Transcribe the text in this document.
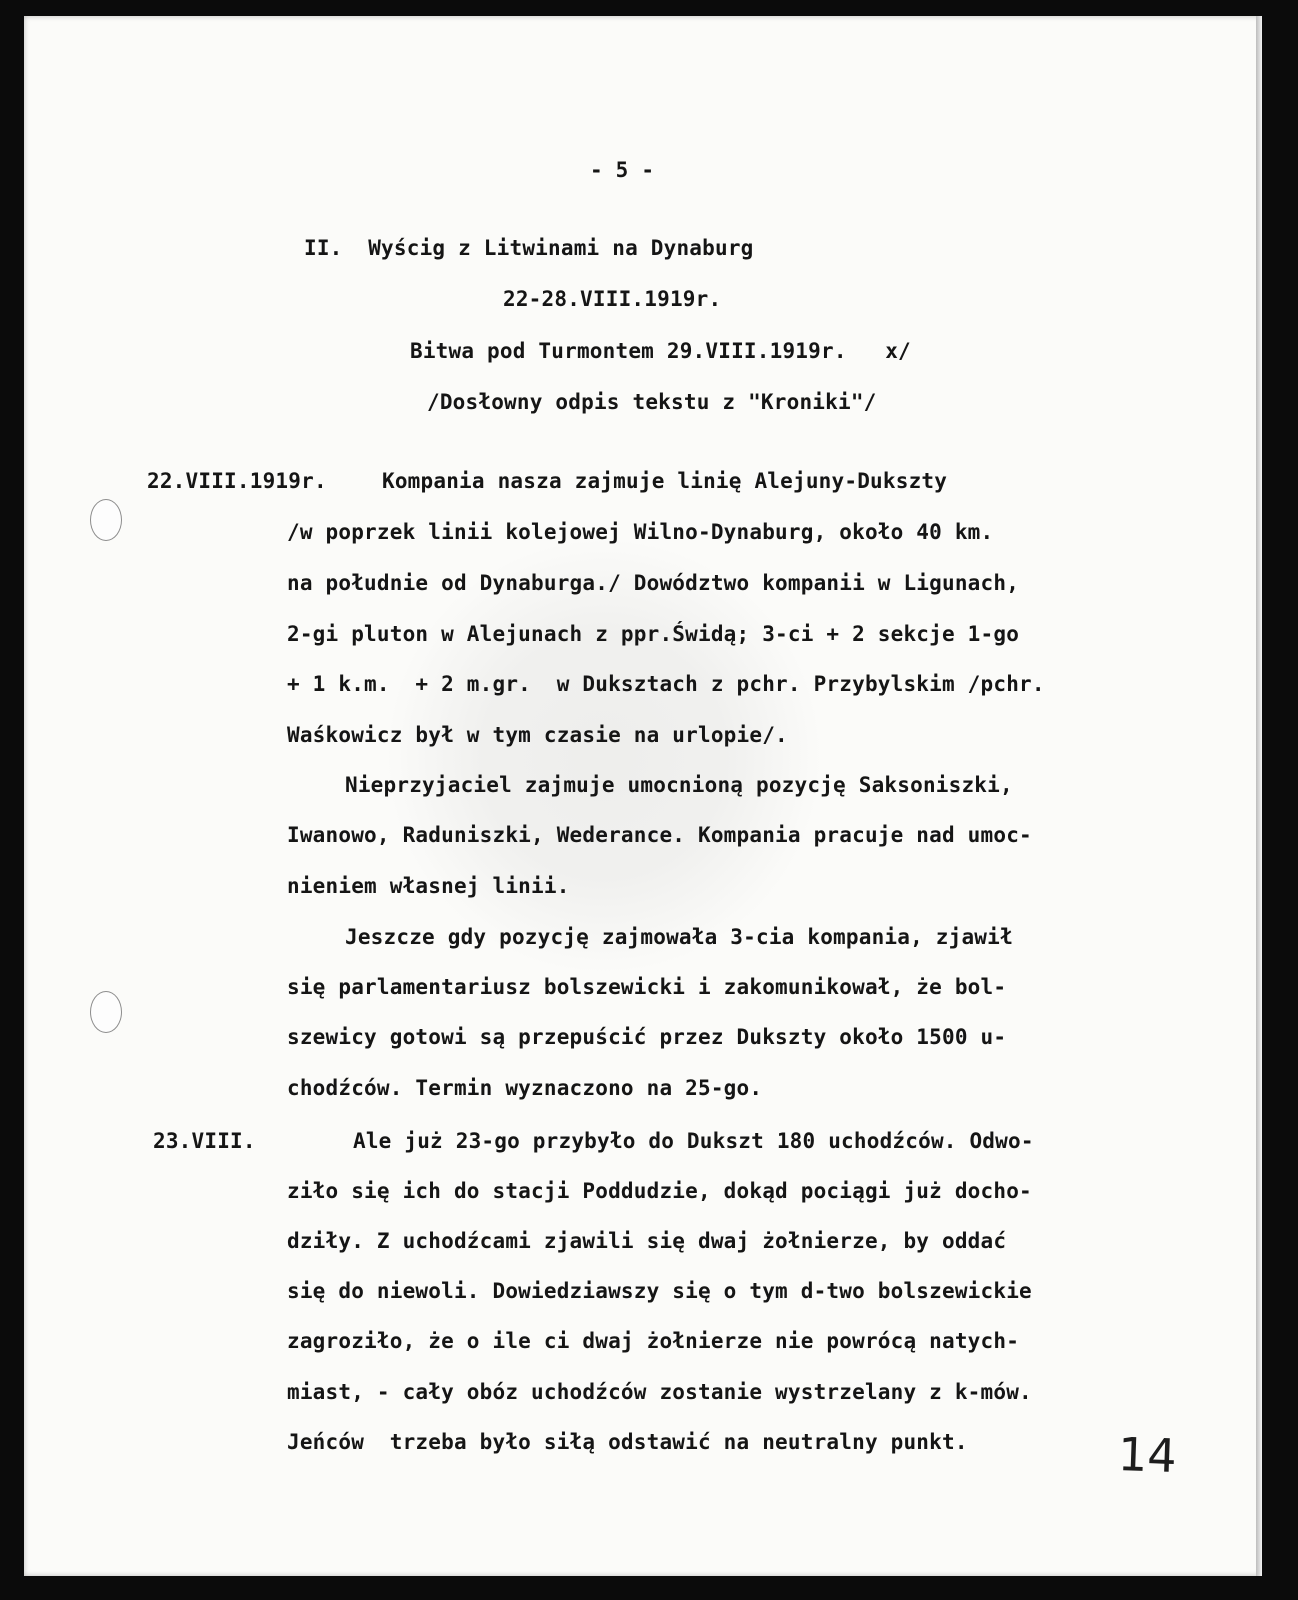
- 5 -
II.  Wyścig z Litwinami na Dynaburg
22-28.VIII.1919r.
Bitwa pod Turmontem 29.VIII.1919r.   x/
/Dosłowny odpis tekstu z "Kroniki"/
22.VIII.1919r.	Kompania nasza zajmuje linię Alejuny-Dukszty
/w poprzek linii kolejowej Wilno-Dynaburg, około 40 km.
na południe od Dynaburga./ Dowództwo kompanii w Ligunach,
2-gi pluton w Alejunach z ppr.Świdą; 3-ci + 2 sekcje 1-go
+ 1 k.m.  + 2 m.gr.  w Duksztach z pchr. Przybylskim /pchr.
Waśkowicz był w tym czasie na urlopie/.
Nieprzyjaciel zajmuje umocnioną pozycję Saksoniszki,
Iwanowo, Raduniszki, Wederance. Kompania pracuje nad umoc-
nieniem własnej linii.
Jeszcze gdy pozycję zajmowała 3-cia kompania, zjawił
się parlamentariusz bolszewicki i zakomunikował, że bol-
szewicy gotowi są przepuścić przez Dukszty około 1500 u-
chodźców. Termin wyznaczono na 25-go.
23.VIII.	Ale już 23-go przybyło do Dukszt 180 uchodźców. Odwo-
ziło się ich do stacji Poddudzie, dokąd pociągi już docho-
dziły. Z uchodźcami zjawili się dwaj żołnierze, by oddać
się do niewoli. Dowiedziawszy się o tym d-two bolszewickie
zagroziło, że o ile ci dwaj żołnierze nie powrócą natych-
miast, - cały obóz uchodźców zostanie wystrzelany z k-mów.
Jeńców  trzeba było siłą odstawić na neutralny punkt.	14
